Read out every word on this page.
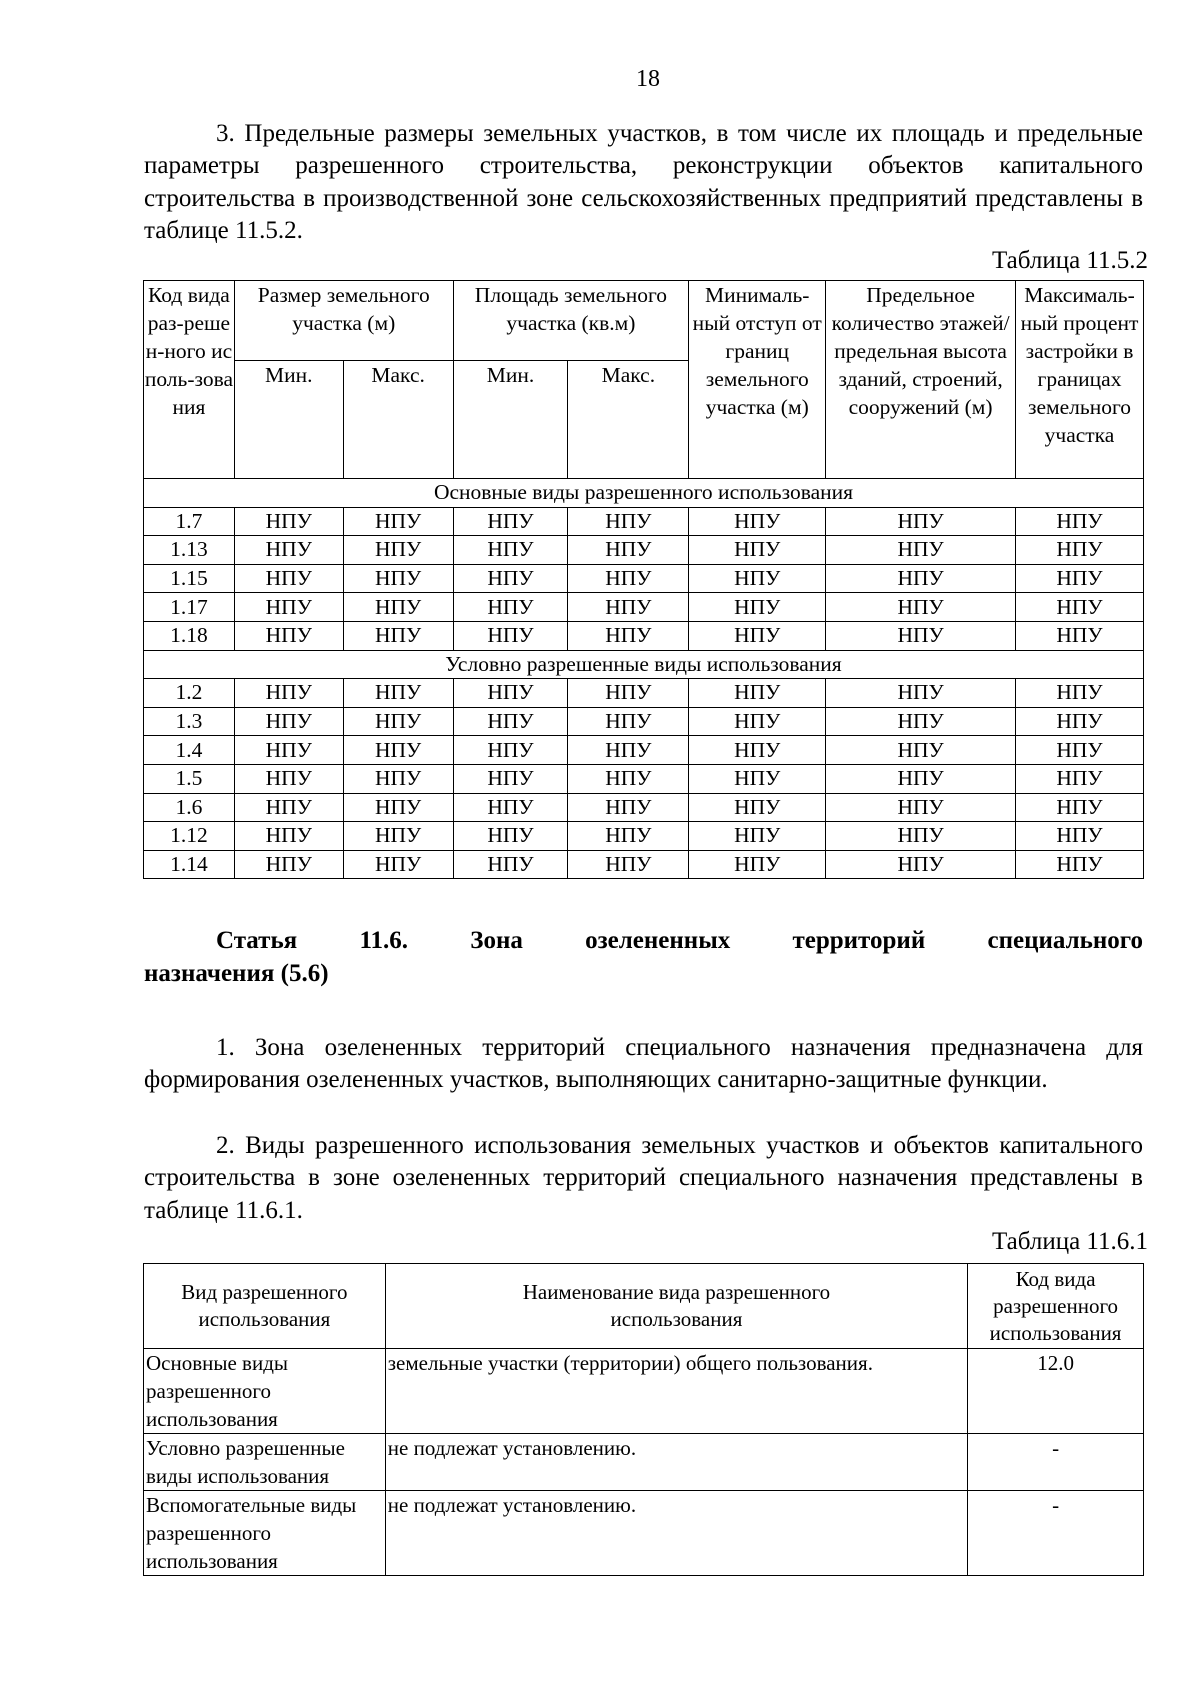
18
3. Предельные размеры земельных участков, в том числе их площадь и предельные параметры разрешенного строительства, реконструкции объектов капитального строительства в производственной зоне сельскохозяйственных предприятий представлены в таблице 11.5.2.
Таблица 11.5.2
Код вида раз-решен-ного исполь-зования	Размер земельного участка (м)		Площадь земельного участка (кв.м)		Минималь-ный отступ от границ земельного участка (м)	Предельное количество этажей/ предельная высота зданий, строений, сооружений (м)	Максималь-ный процент застройки в границах земельного участка
	Мин.	Макс.	Мин.	Макс.			
Основные виды разрешенного использования							
1.7	НПУ	НПУ	НПУ	НПУ	НПУ	НПУ	НПУ
1.13	НПУ	НПУ	НПУ	НПУ	НПУ	НПУ	НПУ
1.15	НПУ	НПУ	НПУ	НПУ	НПУ	НПУ	НПУ
1.17	НПУ	НПУ	НПУ	НПУ	НПУ	НПУ	НПУ
1.18	НПУ	НПУ	НПУ	НПУ	НПУ	НПУ	НПУ
Условно разрешенные виды использования							
1.2	НПУ	НПУ	НПУ	НПУ	НПУ	НПУ	НПУ
1.3	НПУ	НПУ	НПУ	НПУ	НПУ	НПУ	НПУ
1.4	НПУ	НПУ	НПУ	НПУ	НПУ	НПУ	НПУ
1.5	НПУ	НПУ	НПУ	НПУ	НПУ	НПУ	НПУ
1.6	НПУ	НПУ	НПУ	НПУ	НПУ	НПУ	НПУ
1.12	НПУ	НПУ	НПУ	НПУ	НПУ	НПУ	НПУ
1.14	НПУ	НПУ	НПУ	НПУ	НПУ	НПУ	НПУ
Статья 11.6. Зона озелененных территорий специального
назначения (5.6)
1. Зона озелененных территорий специального назначения предназначена для формирования озелененных участков, выполняющих санитарно-защитные функции.
2. Виды разрешенного использования земельных участков и объектов капитального строительства в зоне озелененных территорий специального назначения представлены в таблице 11.6.1.
Таблица 11.6.1
Вид разрешенного использования	Наименование вида разрешенного использования	Код вида разрешенного использования
Основные виды разрешенного использования	земельные участки (территории) общего пользования.	12.0
Условно разрешенные виды использования	не подлежат установлению.	-
Вспомогательные виды разрешенного использования	не подлежат установлению.	-
